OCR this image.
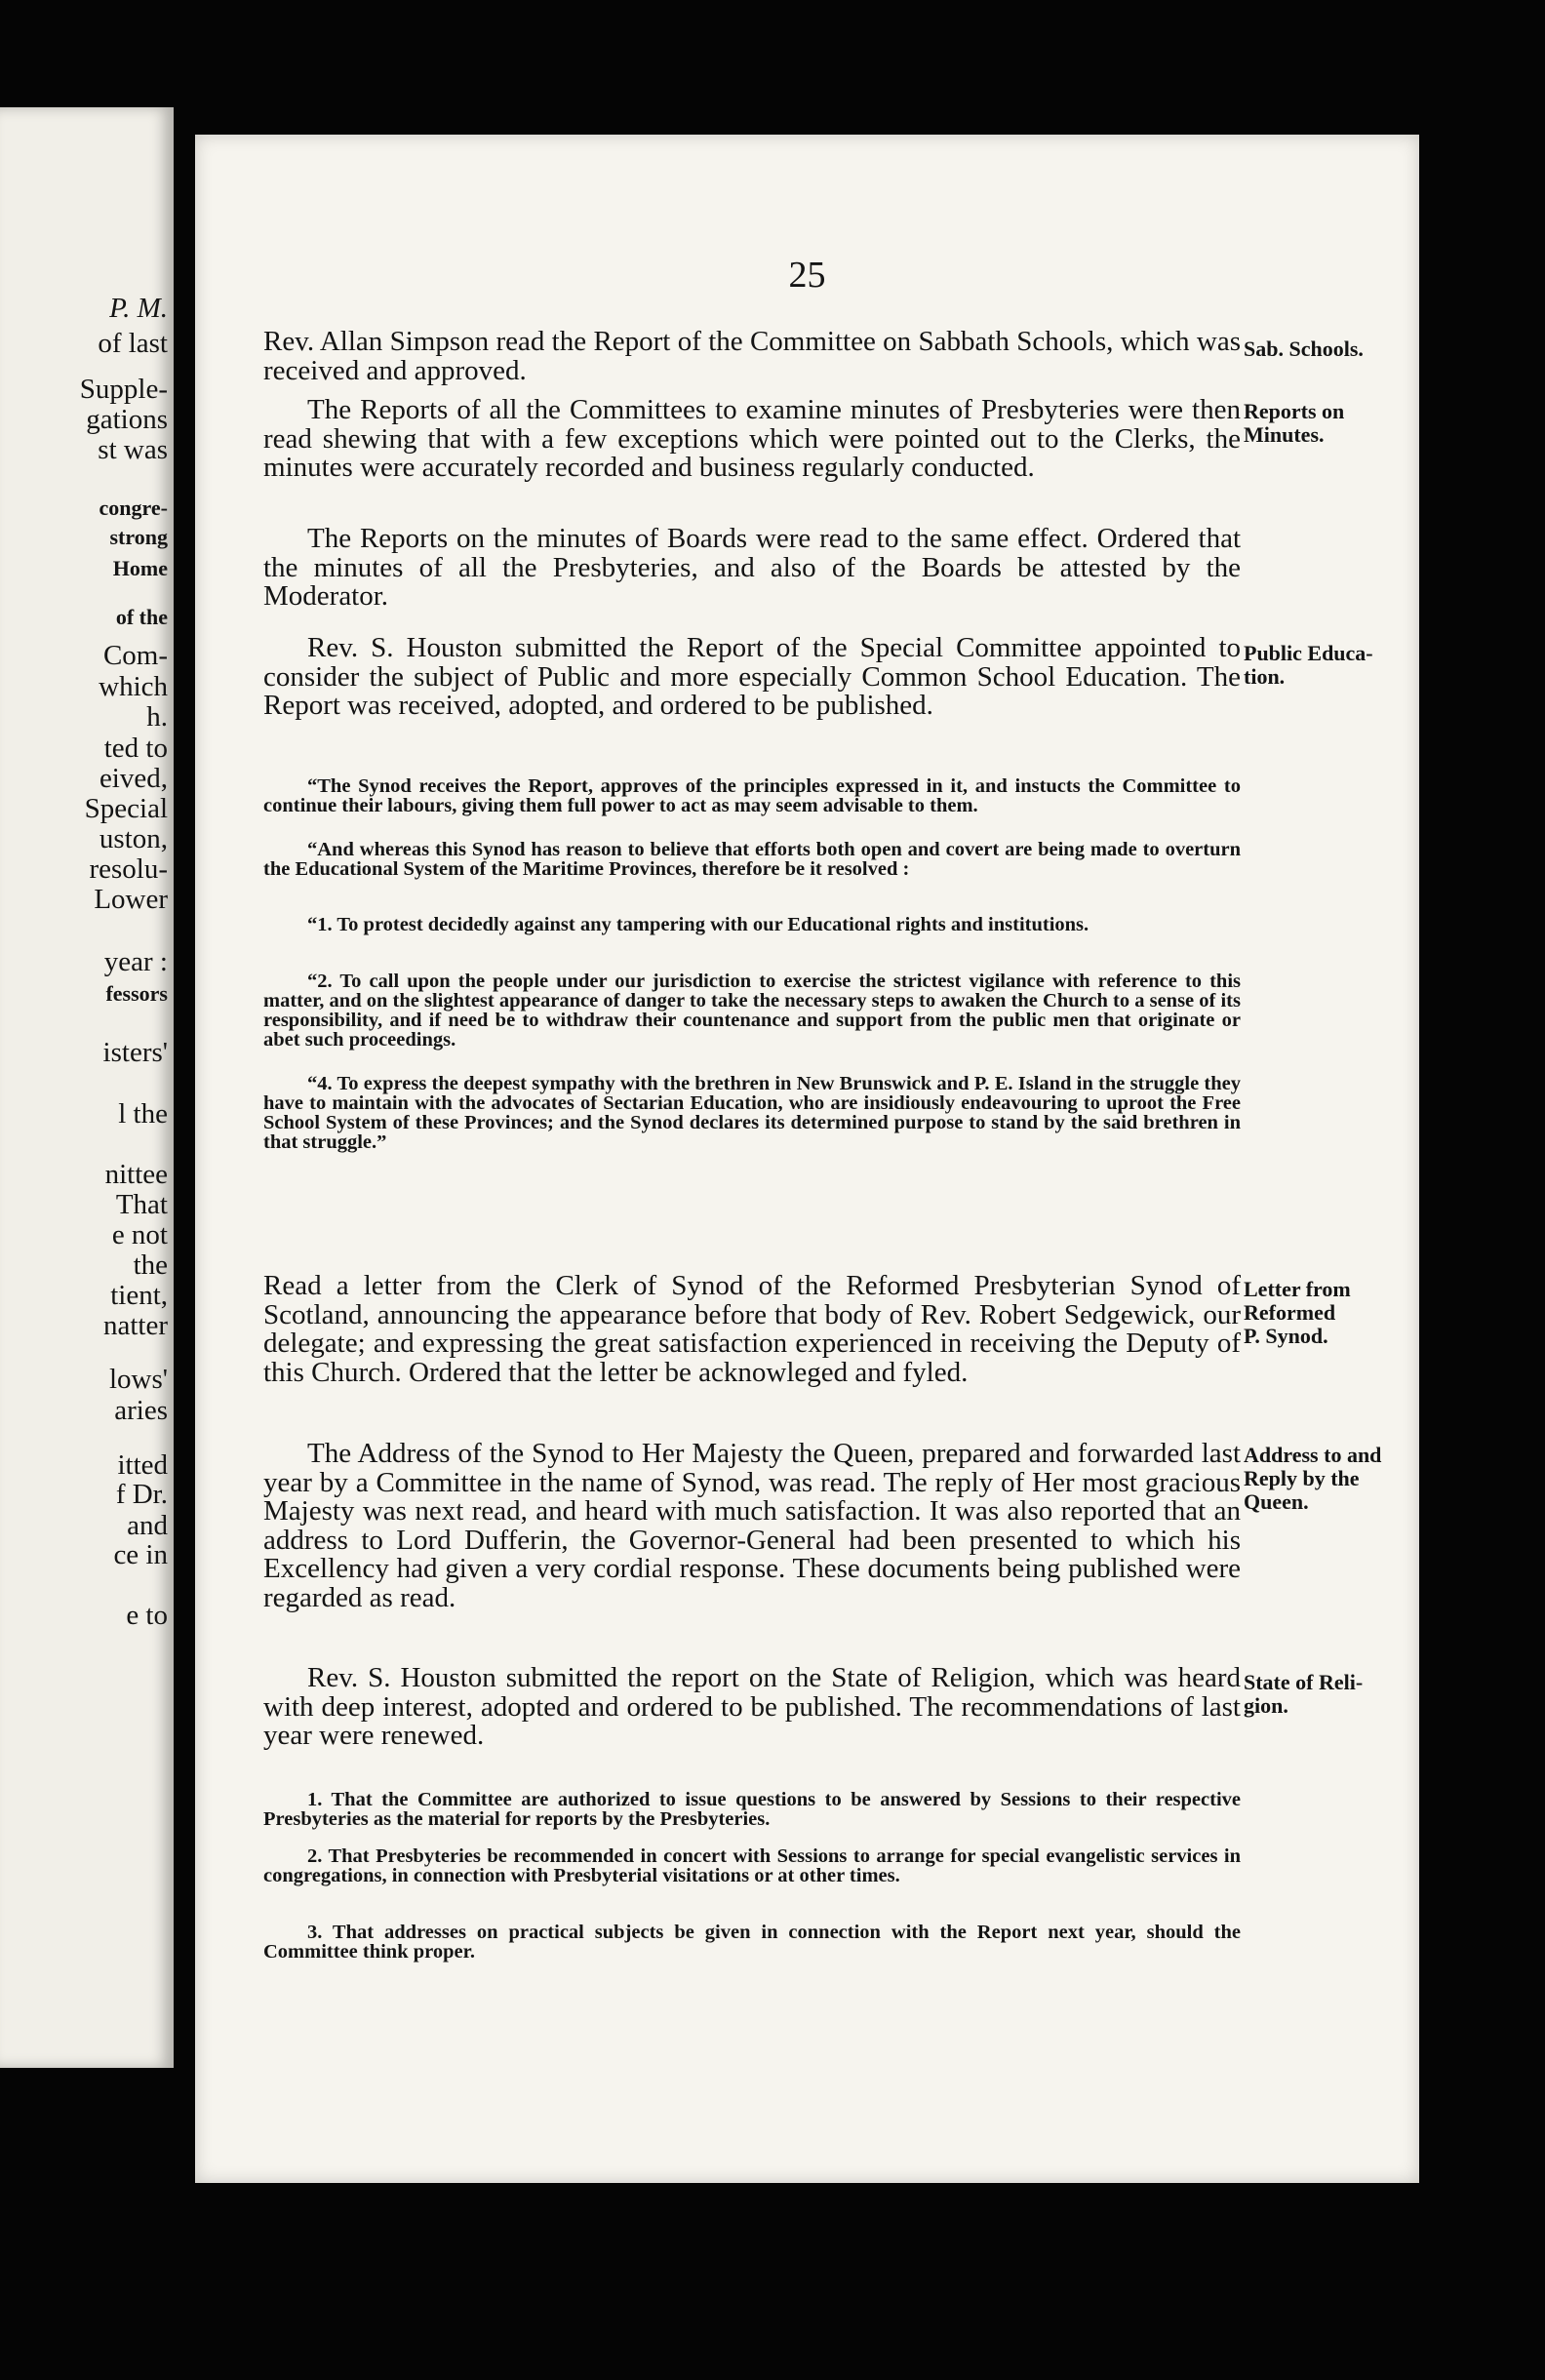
P. M.
of last
Supple-
gations
st was
congre-
strong
Home
of the
Com-
which
h.
ted to
eived,
Special
uston,
resolu-
Lower
year :
fessors
isters'
l the
nittee
That
e not
the
tient,
natter
lows'
aries
itted
f Dr.
and
ce in
e to
25

Rev. Allan Simpson read the Report of the Committee on Sabbath Schools, which was received and approved.

The Reports of all the Committees to examine minutes of Presbyteries were then read shewing that with a few exceptions which were pointed out to the Clerks, the minutes were accurately recorded and business regularly conducted.

The Reports on the minutes of Boards were read to the same effect. Ordered that the minutes of all the Presbyteries, and also of the Boards be attested by the Moderator.

Rev. S. Houston submitted the Report of the Special Committee appointed to consider the subject of Public and more especially Common School Education. The Report was received, adopted, and ordered to be published.

“The Synod receives the Report, approves of the principles expressed in it, and instucts the Committee to continue their labours, giving them full power to act as may seem advisable to them.

“And whereas this Synod has reason to believe that efforts both open and covert are being made to overturn the Educational System of the Maritime Provinces, therefore be it resolved :

“1. To protest decidedly against any tampering with our Educational rights and institutions.

“2. To call upon the people under our jurisdiction to exercise the strictest vigilance with reference to this matter, and on the slightest appearance of danger to take the necessary steps to awaken the Church to a sense of its responsibility, and if need be to withdraw their countenance and support from the public men that originate or abet such proceedings.

“4. To express the deepest sympathy with the brethren in New Brunswick and P. E. Island in the struggle they have to maintain with the advocates of Sectarian Education, who are insidiously endeavouring to uproot the Free School System of these Provinces; and the Synod declares its determined purpose to stand by the said brethren in that struggle.”

Read a letter from the Clerk of Synod of the Reformed Presbyterian Synod of Scotland, announcing the appearance before that body of Rev. Robert Sedgewick, our delegate; and expressing the great satisfaction experienced in receiving the Deputy of this Church. Ordered that the letter be acknowleged and fyled.

The Address of the Synod to Her Majesty the Queen, prepared and forwarded last year by a Committee in the name of Synod, was read. The reply of Her most gracious Majesty was next read, and heard with much satisfaction. It was also reported that an address to Lord Dufferin, the Governor-General had been presented to which his Excellency had given a very cordial response. These documents being published were regarded as read.

Rev. S. Houston submitted the report on the State of Religion, which was heard with deep interest, adopted and ordered to be published. The recommendations of last year were renewed.

1. That the Committee are authorized to issue questions to be answered by Sessions to their respective Presbyteries as the material for reports by the Presbyteries.

2. That Presbyteries be recommended in concert with Sessions to arrange for special evangelistic services in congregations, in connection with Presbyterial visitations or at other times.

3. That addresses on practical subjects be given in connection with the Report next year, should the Committee think proper.

Sab. Schools.
Reports on
Minutes.
Public Educa-
tion.
Letter from
Reformed
P. Synod.
Address to and
Reply by the
Queen.
State of Reli-
gion.
